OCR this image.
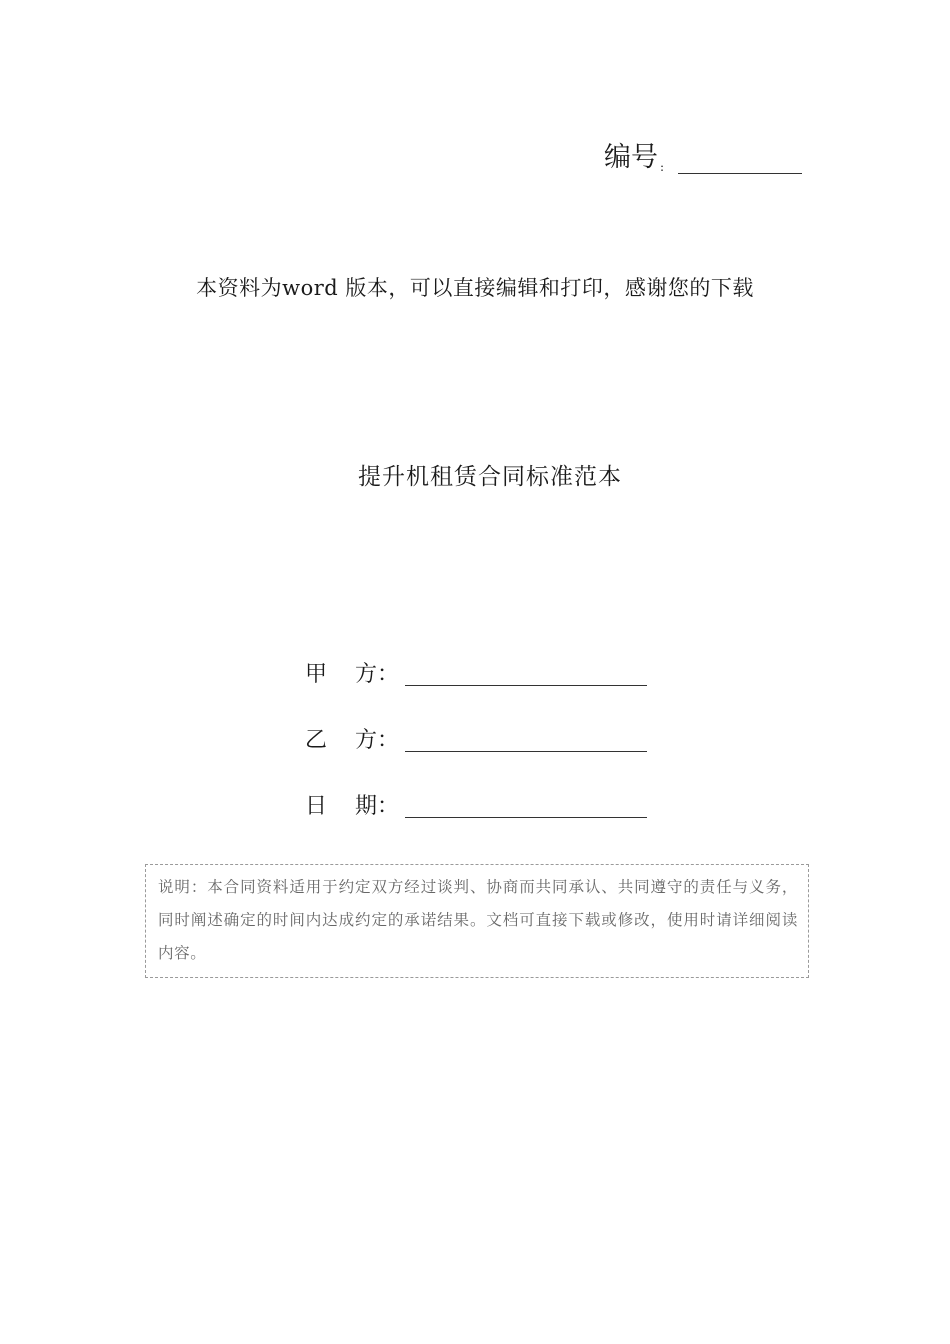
编号 :
本资料为word 版本，可以直接编辑和打印，感谢您的下载
提升机租赁合同标准范本
甲    方：
乙    方：
日    期：
说明：本合同资料适用于约定双方经过谈判、协商而共同承认、共同遵守的责任与义务，同时阐述确定的时间内达成约定的承诺结果。文档可直接下载或修改，使用时请详细阅读内容。
